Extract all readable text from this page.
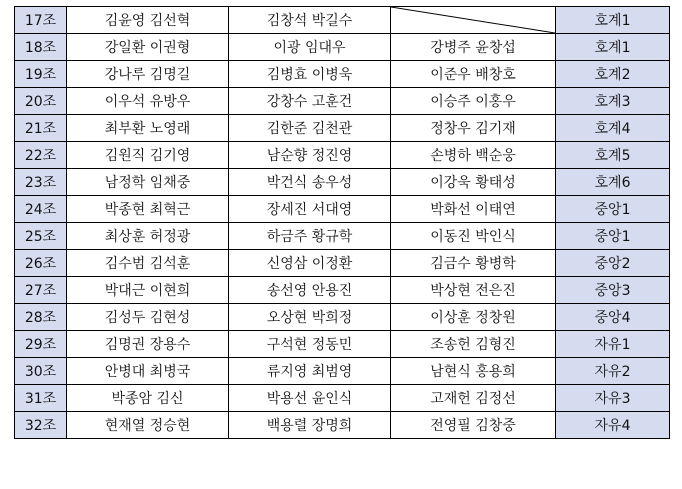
17조	김윤영 김선혁	김창석 박길수		호계1
18조	강일환 이권형	이광 임대우	강병주 윤창섭	호계1
19조	강나루 김명길	김병효 이병욱	이준우 배창호	호계2
20조	이우석 유방우	강창수 고훈건	이승주 이홍우	호계3
21조	최부환 노영래	김한준 김천관	정창우 김기재	호계4
22조	김원직 김기영	남순향 정진영	손병하 백순웅	호계5
23조	남정학 임채중	박건식 송우성	이강욱 황태성	호계6
24조	박종현 최혁근	장세진 서대영	박화선 이태연	중앙1
25조	최상훈 허정광	하금주 황규학	이동진 박인식	중앙1
26조	김수범 김석훈	신영삼 이정환	김금수 황병학	중앙2
27조	박대근 이현희	송선영 안용진	박상현 전은진	중앙3
28조	김성두 김현성	오상현 박희정	이상훈 정창원	중앙4
29조	김명권 장용수	구석현 정동민	조송헌 김형진	자유1
30조	안병대 최병국	류지영 최범영	남현식 홍용희	자유2
31조	박종암 김신	박용선 윤인식	고재헌 김정선	자유3
32조	현재열 정승현	백용렬 장명희	전영필 김창중	자유4
